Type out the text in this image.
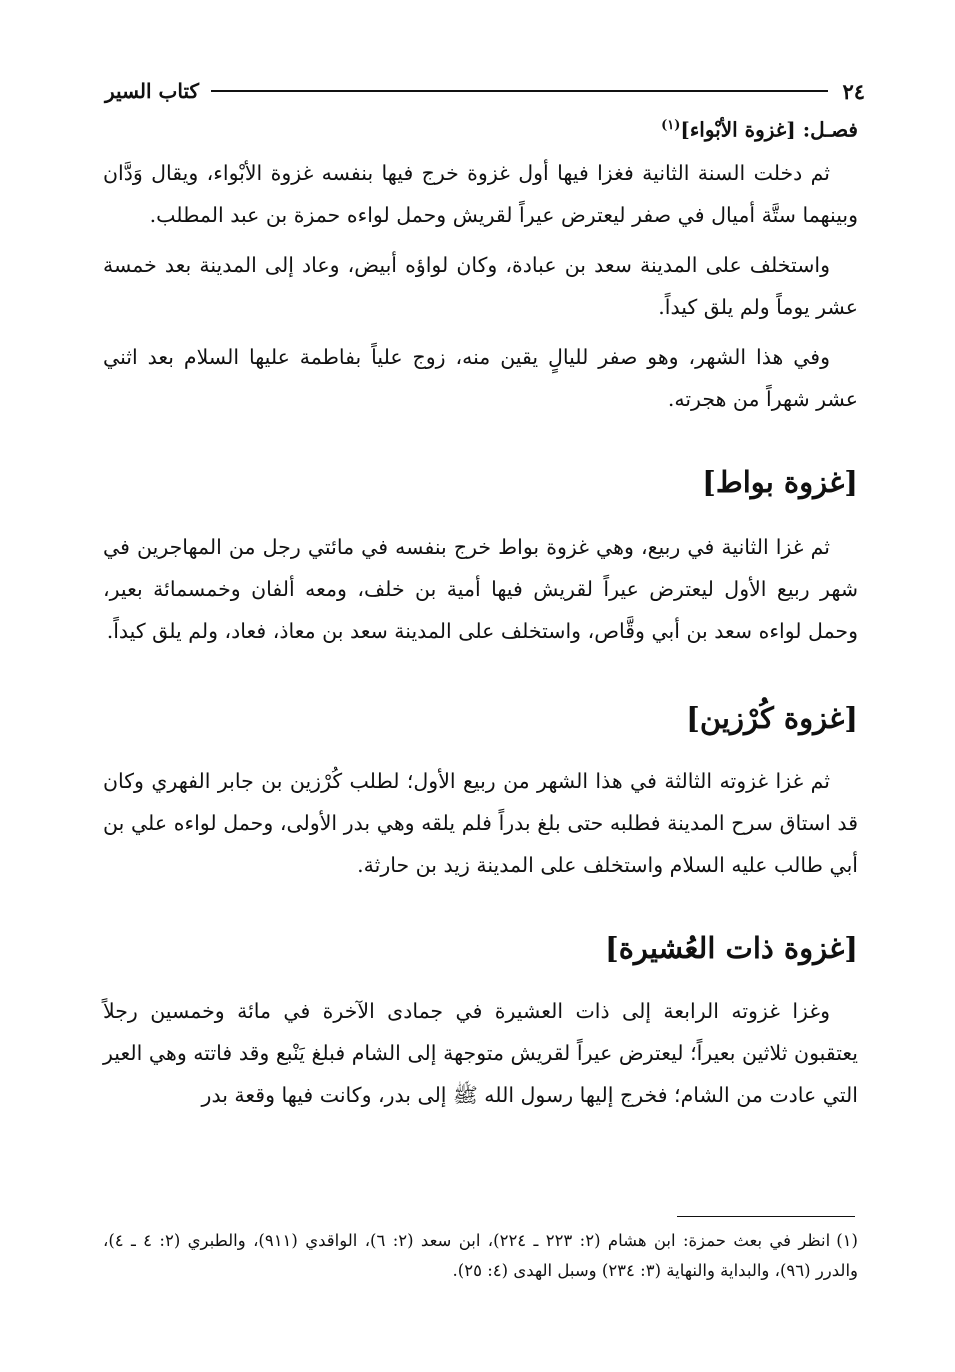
٢٤
كتاب السير
فصـل: [غزوة الأبْواء]$^{(١)}$

ثم دخلت السنة الثانية فغزا فيها أول غزوة خرج فيها بنفسه غزوة الأبْواء، ويقال وَدَّان وبينهما ستَّة أميال في صفر ليعترض عيراً لقريش وحمل لواءه حمزة بن عبد المطلب.

واستخلف على المدينة سعد بن عبادة، وكان لواؤه أبيض، وعاد إلى المدينة بعد خمسة عشر يوماً ولم يلق كيداً.

وفي هذا الشهر، وهو صفر لليالٍ يقين منه، زوج علياً بفاطمة عليها السلام بعد اثني عشر شهراً من هجرته.

[غزوة بواط]

ثم غزا الثانية في ربيع، وهي غزوة بواط خرج بنفسه في مائتي رجل من المهاجرين في شهر ربيع الأول ليعترض عيراً لقريش فيها أمية بن خلف، ومعه ألفان وخمسمائة بعير، وحمل لواءه سعد بن أبي وقَّاص، واستخلف على المدينة سعد بن معاذ، فعاد، ولم يلق كيداً.

[غزوة كُرْزين]

ثم غزا غزوته الثالثة في هذا الشهر من ربيع الأول؛ لطلب كُرْزين بن جابر الفهري وكان قد استاق سرح المدينة فطلبه حتى بلغ بدراً فلم يلقه وهي بدر الأولى، وحمل لواءه علي بن أبي طالب عليه السلام واستخلف على المدينة زيد بن حارثة.

[غزوة ذات العُشيرة]

وغزا غزوته الرابعة إلى ذات العشيرة في جمادى الآخرة في مائة وخمسين رجلاً يعتقبون ثلاثين بعيراً؛ ليعترض عيراً لقريش متوجهة إلى الشام فبلغ يَنْبع وقد فاتته وهي العير التي عادت من الشام؛ فخرج إليها رسول الله ﷺ إلى بدر، وكانت فيها وقعة بدر

(١)انظر في بعث حمزة: ابن هشام (٢: ٢٢٣ ـ ٢٢٤)، ابن سعد (٢: ٦)، الواقدي (٩١١)، والطبري (٢: ٤ ـ ٤)، والدرر (٩٦)، والبداية والنهاية (٣: ٢٣٤) وسبل الهدى (٤: ٢٥).
